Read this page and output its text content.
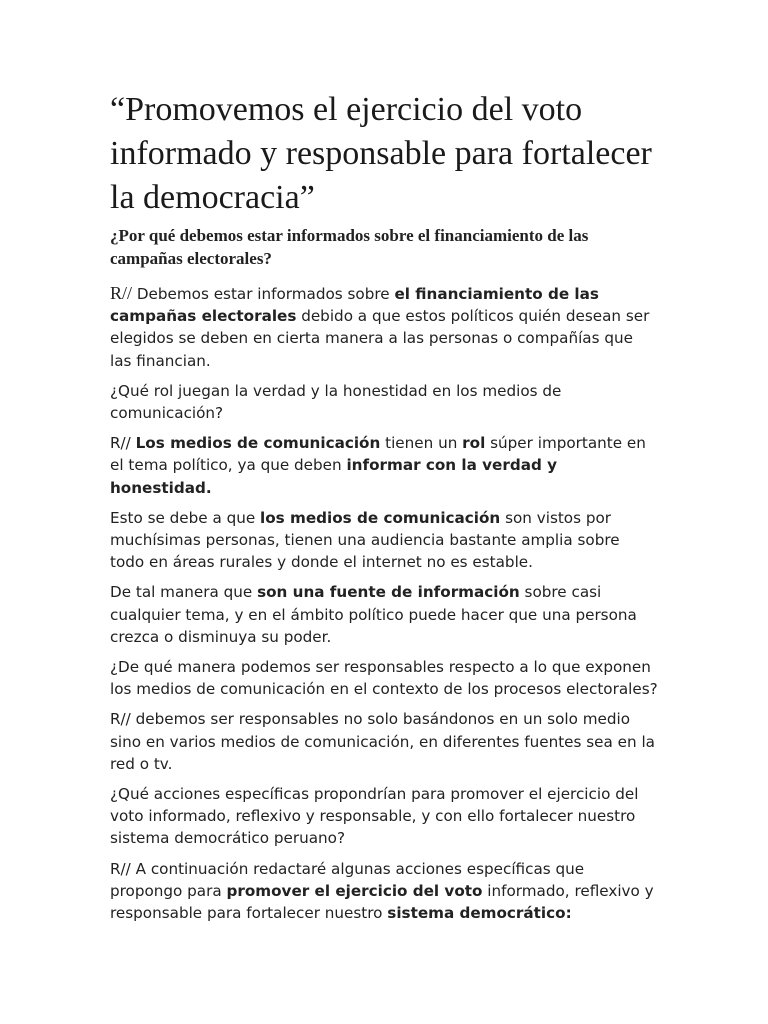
“Promovemos el ejercicio del voto informado y responsable para fortalecer la democracia”
¿Por qué debemos estar informados sobre el financiamiento de las campañas electorales?

R// Debemos estar informados sobre el financiamiento de las campañas electorales debido a que estos políticos quién desean ser elegidos se deben en cierta manera a las personas o compañías que las financian.

¿Qué rol juegan la verdad y la honestidad en los medios de comunicación?

R// Los medios de comunicación tienen un rol súper importante en el tema político, ya que deben informar con la verdad y honestidad.

Esto se debe a que los medios de comunicación son vistos por muchísimas personas, tienen una audiencia bastante amplia sobre todo en áreas rurales y donde el internet no es estable.

De tal manera que son una fuente de información sobre casi cualquier tema, y en el ámbito político puede hacer que una persona crezca o disminuya su poder.

¿De qué manera podemos ser responsables respecto a lo que exponen los medios de comunicación en el contexto de los procesos electorales?

R// debemos ser responsables no solo basándonos en un solo medio sino en varios medios de comunicación, en diferentes fuentes sea en la red o tv.

¿Qué acciones específicas propondrían para promover el ejercicio del voto informado, reflexivo y responsable, y con ello fortalecer nuestro sistema democrático peruano?

R// A continuación redactaré algunas acciones específicas que propongo para promover el ejercicio del voto informado, reflexivo y responsable para fortalecer nuestro sistema democrático:
